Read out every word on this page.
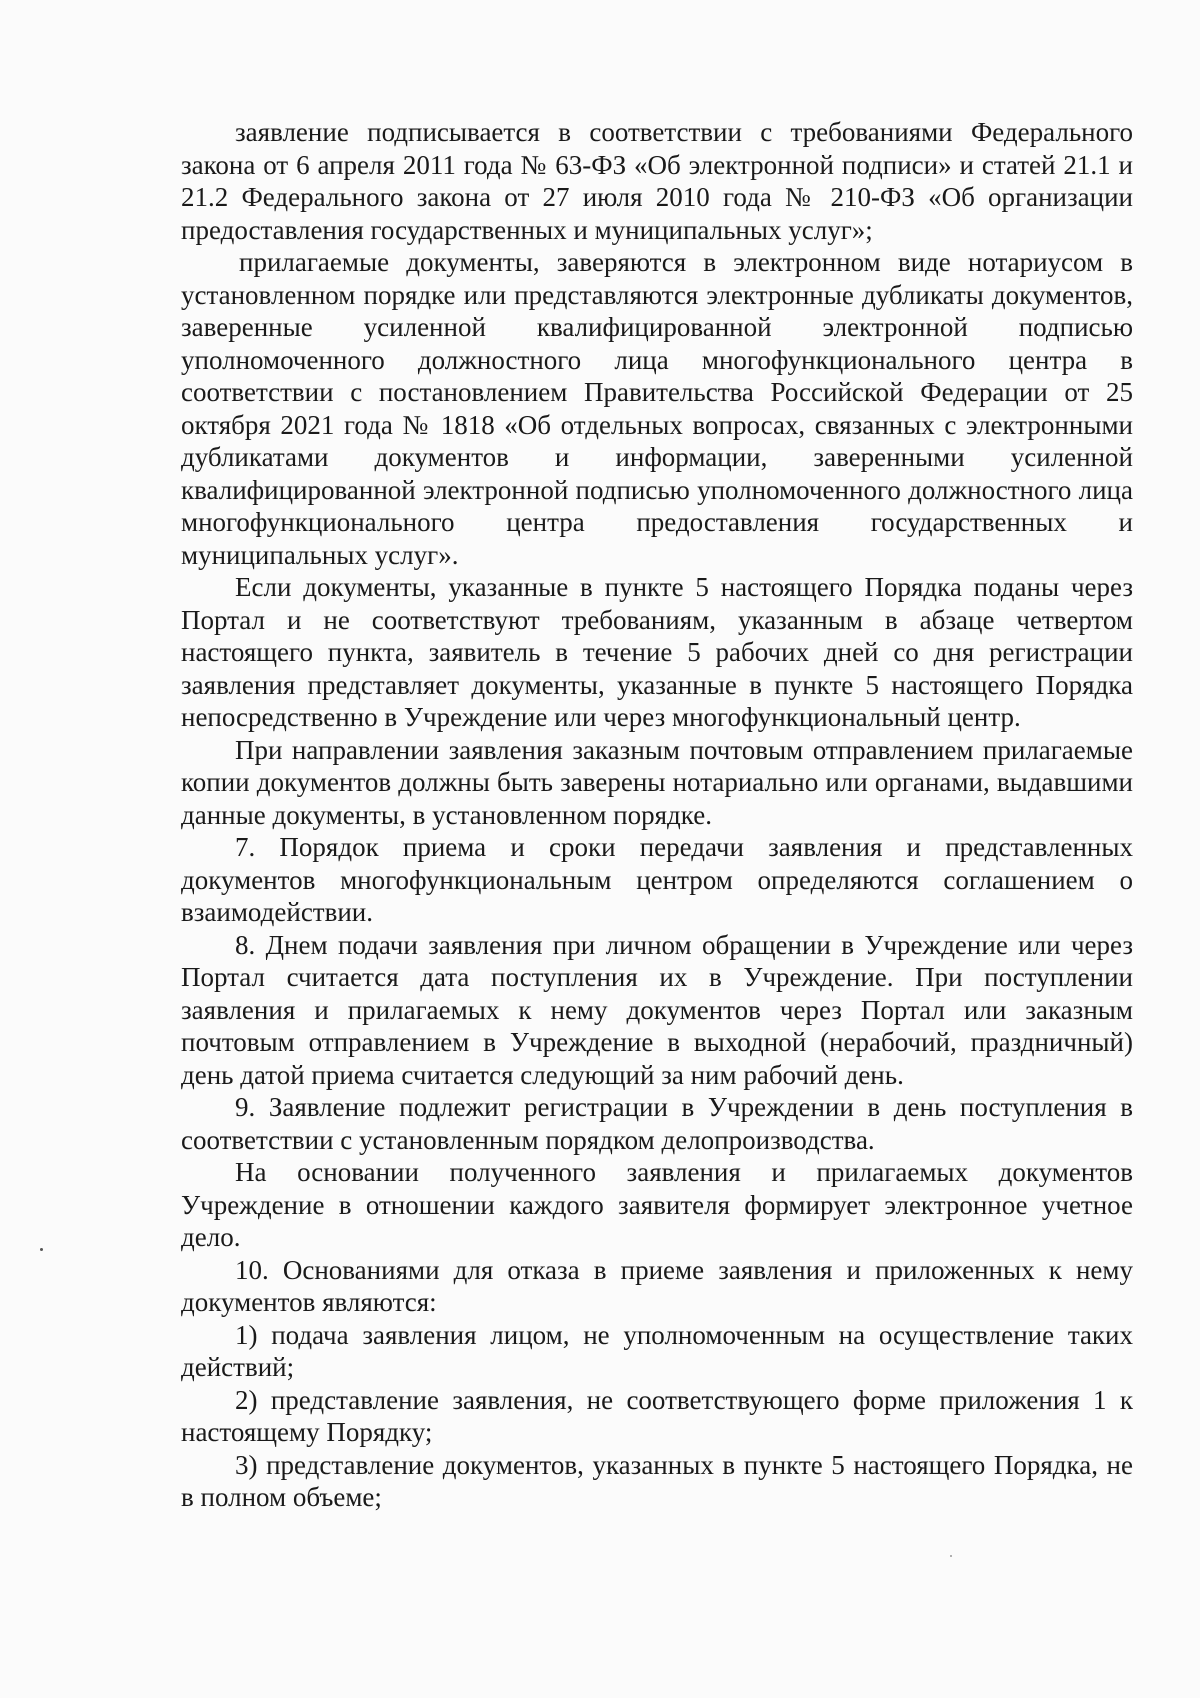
заявление подписывается в соответствии с требованиями Федерального закона от 6 апреля 2011 года № 63-ФЗ «Об электронной подписи» и статей 21.1 и 21.2 Федерального закона от 27 июля 2010 года № 210-ФЗ «Об организации предоставления государственных и муниципальных услуг»;

прилагаемые документы, заверяются в электронном виде нотариусом в установленном порядке или представляются электронные дубликаты документов, заверенные усиленной квалифицированной электронной подписью уполномоченного должностного лица многофункционального центра в соответствии с постановлением Правительства Российской Федерации от 25 октября 2021 года № 1818 «Об отдельных вопросах, связанных с электронными дубликатами документов и информации, заверенными усиленной квалифицированной электронной подписью уполномоченного должностного лица многофункционального центра предоставления государственных и муниципальных услуг».

Если документы, указанные в пункте 5 настоящего Порядка поданы через Портал и не соответствуют требованиям, указанным в абзаце четвертом настоящего пункта, заявитель в течение 5 рабочих дней со дня регистрации заявления представляет документы, указанные в пункте 5 настоящего Порядка непосредственно в Учреждение или через многофункциональный центр.

При направлении заявления заказным почтовым отправлением прилагаемые копии документов должны быть заверены нотариально или органами, выдавшими данные документы, в установленном порядке.

7. Порядок приема и сроки передачи заявления и представленных документов многофункциональным центром определяются соглашением о взаимодействии.

8. Днем подачи заявления при личном обращении в Учреждение или через Портал считается дата поступления их в Учреждение. При поступлении заявления и прилагаемых к нему документов через Портал или заказным почтовым отправлением в Учреждение в выходной (нерабочий, праздничный) день датой приема считается следующий за ним рабочий день.

9. Заявление подлежит регистрации в Учреждении в день поступления в соответствии с установленным порядком делопроизводства.

На основании полученного заявления и прилагаемых документов Учреждение в отношении каждого заявителя формирует электронное учетное дело.

10. Основаниями для отказа в приеме заявления и приложенных к нему документов являются:

1) подача заявления лицом, не уполномоченным на осуществление таких действий;

2) представление заявления, не соответствующего форме приложения 1 к настоящему Порядку;

3) представление документов, указанных в пункте 5 настоящего Порядка, не в полном объеме;
